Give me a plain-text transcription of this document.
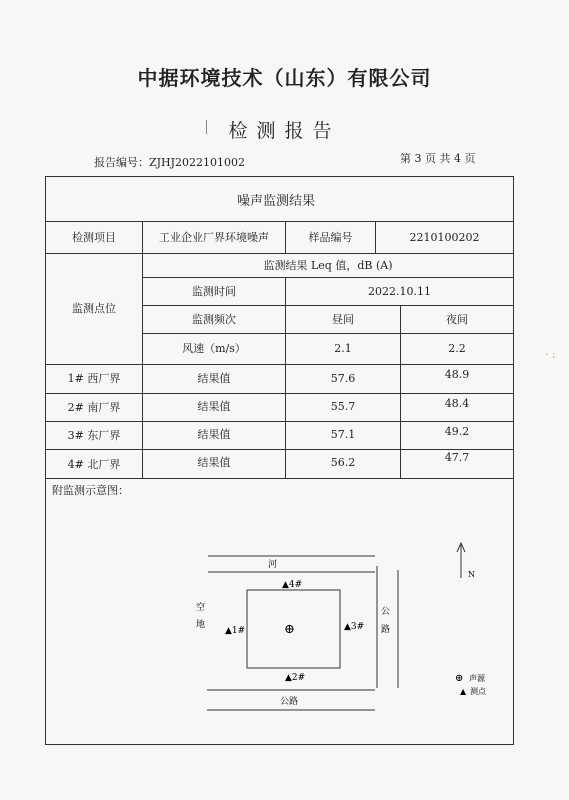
中据环境技术（山东）有限公司
检测报告
报告编号：ZJHJ2022101002	第 3 页 共 4 页
噪声监测结果
检测项目	工业企业厂界环境噪声	样品编号	2210100202
监测点位
监测结果 Leq 值，dB (A)
监测时间	2022.10.11
监测频次	昼间	夜间
风速（m/s）	2.1	2.2
1# 西厂界	结果值	57.6	48.9
2# 南厂界	结果值	55.7	48.4
3# 东厂界	结果值	57.1	49.2
4# 北厂界	结果值	56.2	47.7
附监测示意图：
N
河
公
路
公路
空
地	⊕
▲4#
▲1#	▲3#
▲2#	⊕ 声源
▲ 测点
· :
